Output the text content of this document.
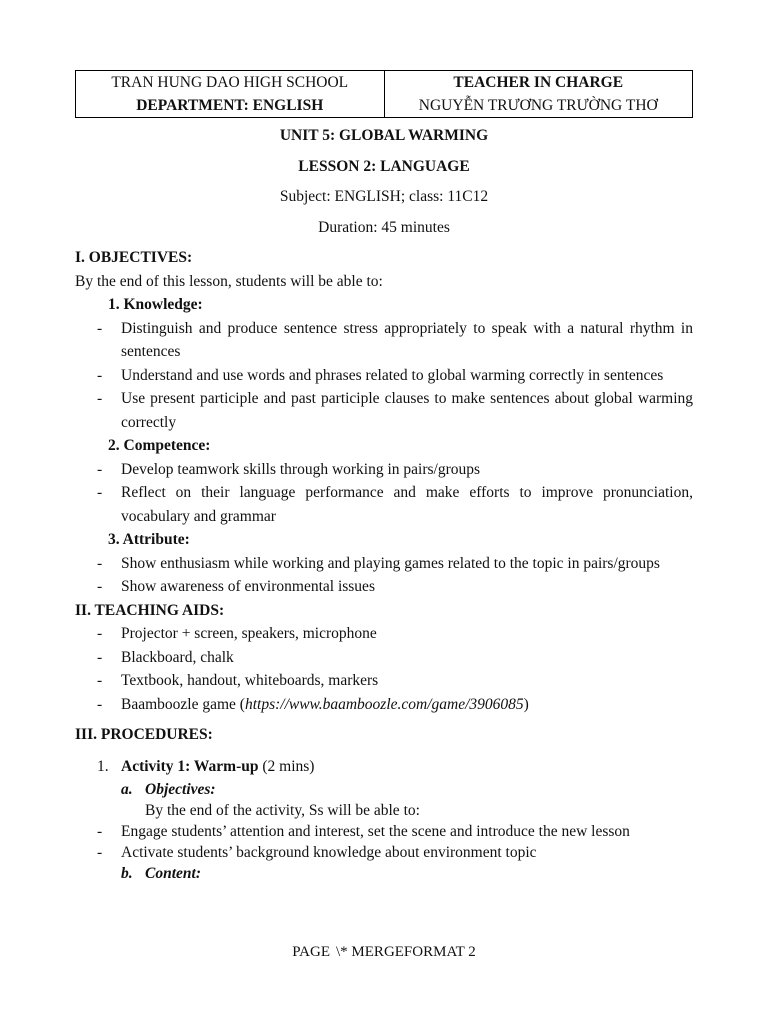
TRAN HUNG DAO HIGH SCHOOL
DEPARTMENT: ENGLISH

TEACHER IN CHARGE
NGUYỄN TRƯƠNG TRƯỜNG THƠ
UNIT 5: GLOBAL WARMING
LESSON 2: LANGUAGE
Subject: ENGLISH; class: 11C12
Duration: 45 minutes
I. OBJECTIVES:
By the end of this lesson, students will be able to:
1. Knowledge:
- Distinguish and produce sentence stress appropriately to speak with a natural rhythm in sentences
- Understand and use words and phrases related to global warming correctly in sentences
- Use present participle and past participle clauses to make sentences about global warming correctly
2. Competence:
- Develop teamwork skills through working in pairs/groups
- Reflect on their language performance and make efforts to improve pronunciation, vocabulary and grammar
3. Attribute:
- Show enthusiasm while working and playing games related to the topic in pairs/groups
- Show awareness of environmental issues
II. TEACHING AIDS:
- Projector + screen, speakers, microphone
- Blackboard, chalk
- Textbook, handout, whiteboards, markers
- Baamboozle game (https://www.baamboozle.com/game/3906085)
III. PROCEDURES:
1. Activity 1: Warm-up (2 mins)
a. Objectives:
By the end of the activity, Ss will be able to:
- Engage students’ attention and interest, set the scene and introduce the new lesson
- Activate students’ background knowledge about environment topic
b. Content:
PAGE \* MERGEFORMAT 2
